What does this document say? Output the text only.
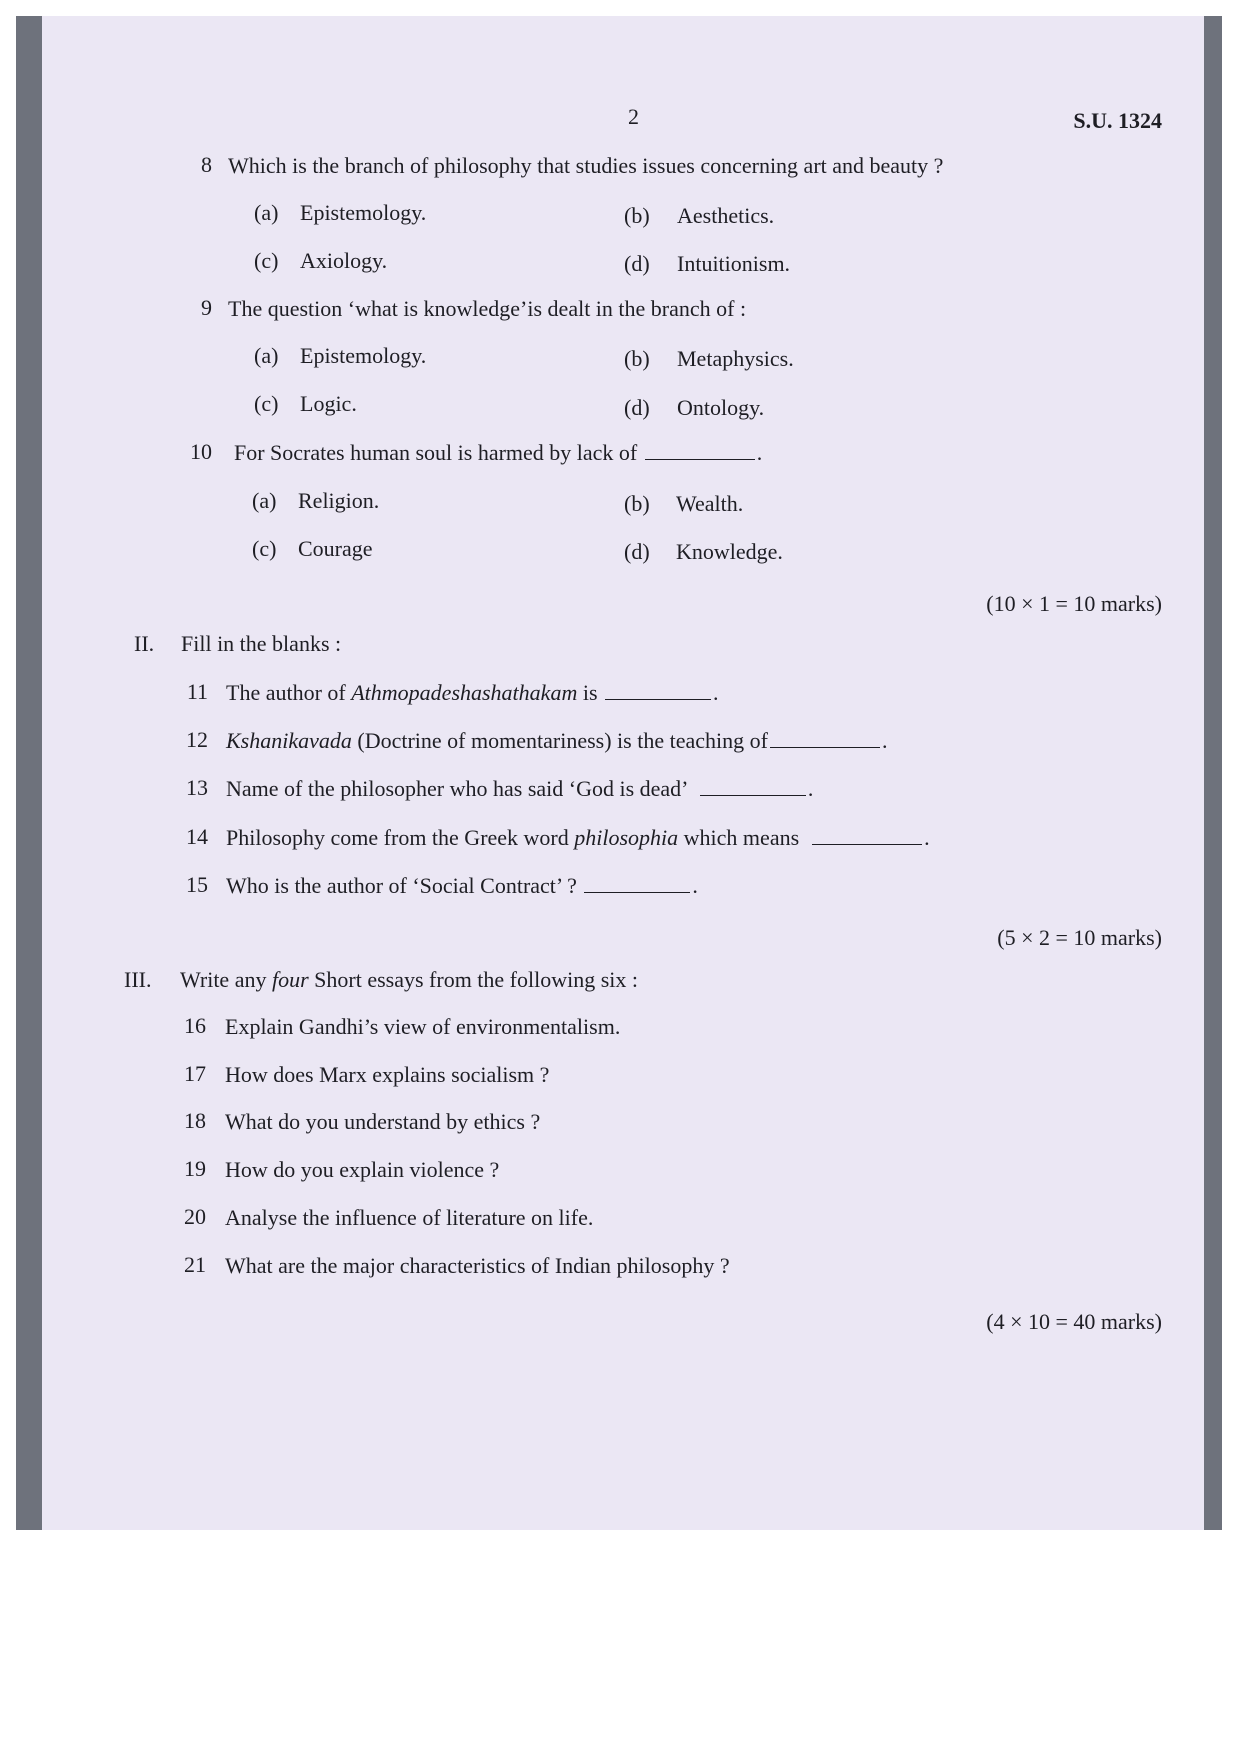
2	S.U. 1324
8 Which is the branch of philosophy that studies issues concerning art and beauty ?
(a) Epistemology.	(b) Aesthetics.
(c) Axiology.	(d) Intuitionism.
9 The question ‘what is knowledge’is dealt in the branch of :
(a) Epistemology.	(b) Metaphysics.
(c) Logic.	(d) Ontology.
10 For Socrates human soul is harmed by lack of	.
(a) Religion.	(b) Wealth.
(c) Courage	(d) Knowledge.
(10 × 1 = 10 marks)
II. Fill in the blanks :
11 The author of Athmopadeshashathakam is	.
12 Kshanikavada (Doctrine of momentariness) is the teaching of	.
13 Name of the philosopher who has said ‘God is dead’	.
14 Philosophy come from the Greek word philosophia which means	.
15 Who is the author of ‘Social Contract’ ?	.
(5 × 2 = 10 marks)
III. Write any four Short essays from the following six :
16 Explain Gandhi’s view of environmentalism.
17 How does Marx explains socialism ?
18 What do you understand by ethics ?
19 How do you explain violence ?
20 Analyse the influence of literature on life.
21 What are the major characteristics of Indian philosophy ?
(4 × 10 = 40 marks)
